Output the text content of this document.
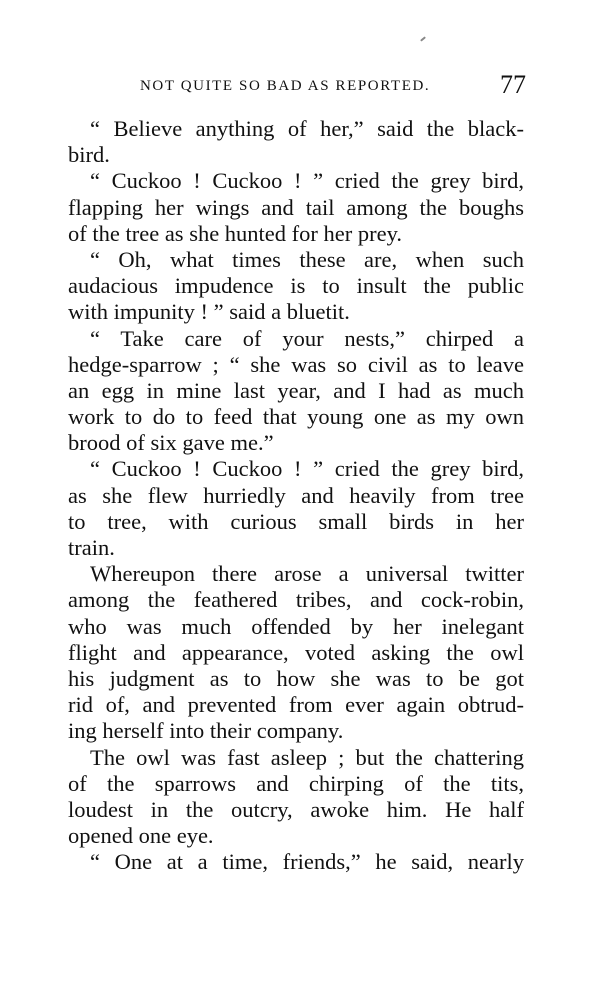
NOT QUITE SO BAD AS REPORTED.	77
“ Believe anything of her,” said the black-
bird.
“ Cuckoo ! Cuckoo ! ” cried the grey bird,
flapping her wings and tail among the boughs
of the tree as she hunted for her prey.
“ Oh, what times these are, when such
audacious impudence is to insult the public
with impunity ! ” said a bluetit.
“ Take care of your nests,” chirped a
hedge-sparrow ; “ she was so civil as to leave
an egg in mine last year, and I had as much
work to do to feed that young one as my own
brood of six gave me.”
“ Cuckoo ! Cuckoo ! ” cried the grey bird,
as she flew hurriedly and heavily from tree
to tree, with curious small birds in her
train.
Whereupon there arose a universal twitter
among the feathered tribes, and cock-robin,
who was much offended by her inelegant
flight and appearance, voted asking the owl
his judgment as to how she was to be got
rid of, and prevented from ever again obtrud-
ing herself into their company.
The owl was fast asleep ; but the chattering
of the sparrows and chirping of the tits,
loudest in the outcry, awoke him. He half
opened one eye.
“ One at a time, friends,” he said, nearly
